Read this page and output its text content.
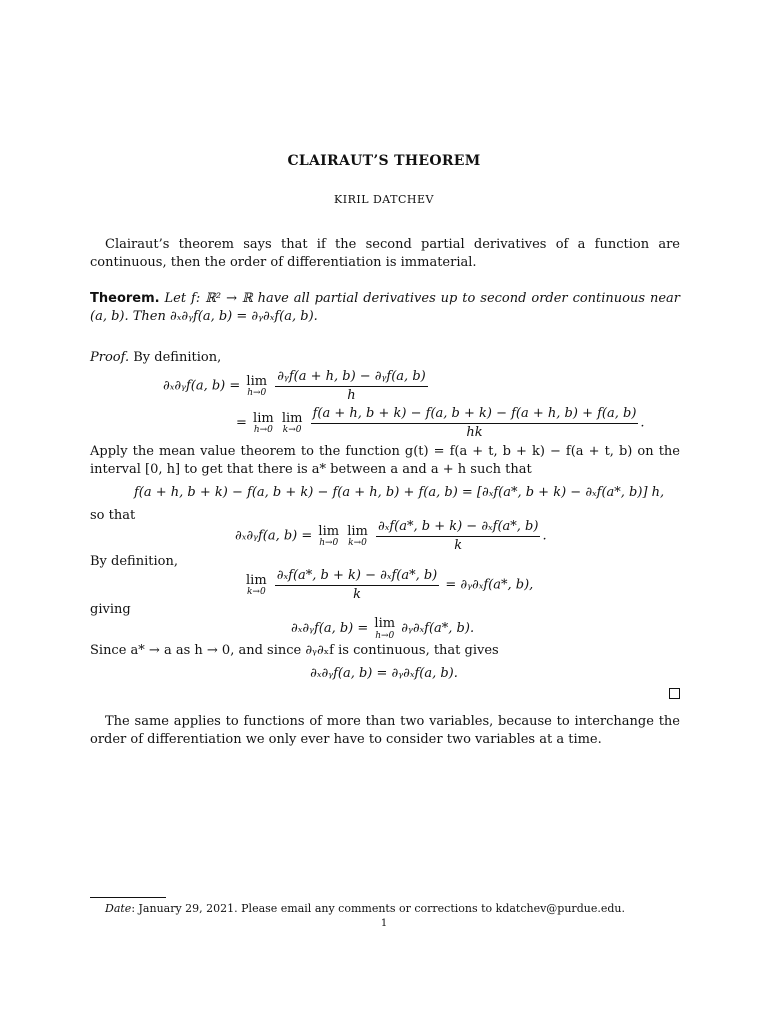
CLAIRAUT’S THEOREM
KIRIL DATCHEV
Clairaut’s theorem says that if the second partial derivatives of a function are continuous, then the order of differentiation is immaterial.
Theorem. Let f: ℝ² → ℝ have all partial derivatives up to second order continuous near (a, b). Then ∂ₓ∂ᵧf(a, b) = ∂ᵧ∂ₓf(a, b).
Proof. By definition,
∂ₓ∂ᵧf(a, b) = lim
h→0
$\frac{\text{∂ᵧf(a + h, b) − ∂ᵧf(a, b)}}{h}$
= lim
h→0

lim
k→0
$\frac{f(a + h, b + k) - f(a, b + k) - f(a + h, b) + f(a, b)}{hk}$ .
Apply the mean value theorem to the function g(t) = f(a + t, b + k) − f(a + t, b) on the interval [0, h] to get that there is a* between a and a + h such that
f(a + h, b + k) − f(a, b + k) − f(a + h, b) + f(a, b) = [∂ₓf(a*, b + k) − ∂ₓf(a*, b)] h,
so that
∂ₓ∂ᵧf(a, b) = lim
h→0

lim
k→0
$\frac{\text{∂ₓf(a*, b + k) − ∂ₓf(a*, b)}}{k}$ .
By definition,
lim
k→0
$\frac{\text{∂ₓf(a*, b + k) − ∂ₓf(a*, b)}}{k}$ = ∂ᵧ∂ₓf(a*, b),
giving
∂ₓ∂ᵧf(a, b) = lim
h→0 ∂ᵧ∂ₓf(a*, b).
Since a* → a as h → 0, and since ∂ᵧ∂ₓf is continuous, that gives
∂ₓ∂ᵧf(a, b) = ∂ᵧ∂ₓf(a, b).
The same applies to functions of more than two variables, because to interchange the order of differentiation we only ever have to consider two variables at a time.
Date: January 29, 2021. Please email any comments or corrections to kdatchev@purdue.edu.
1
